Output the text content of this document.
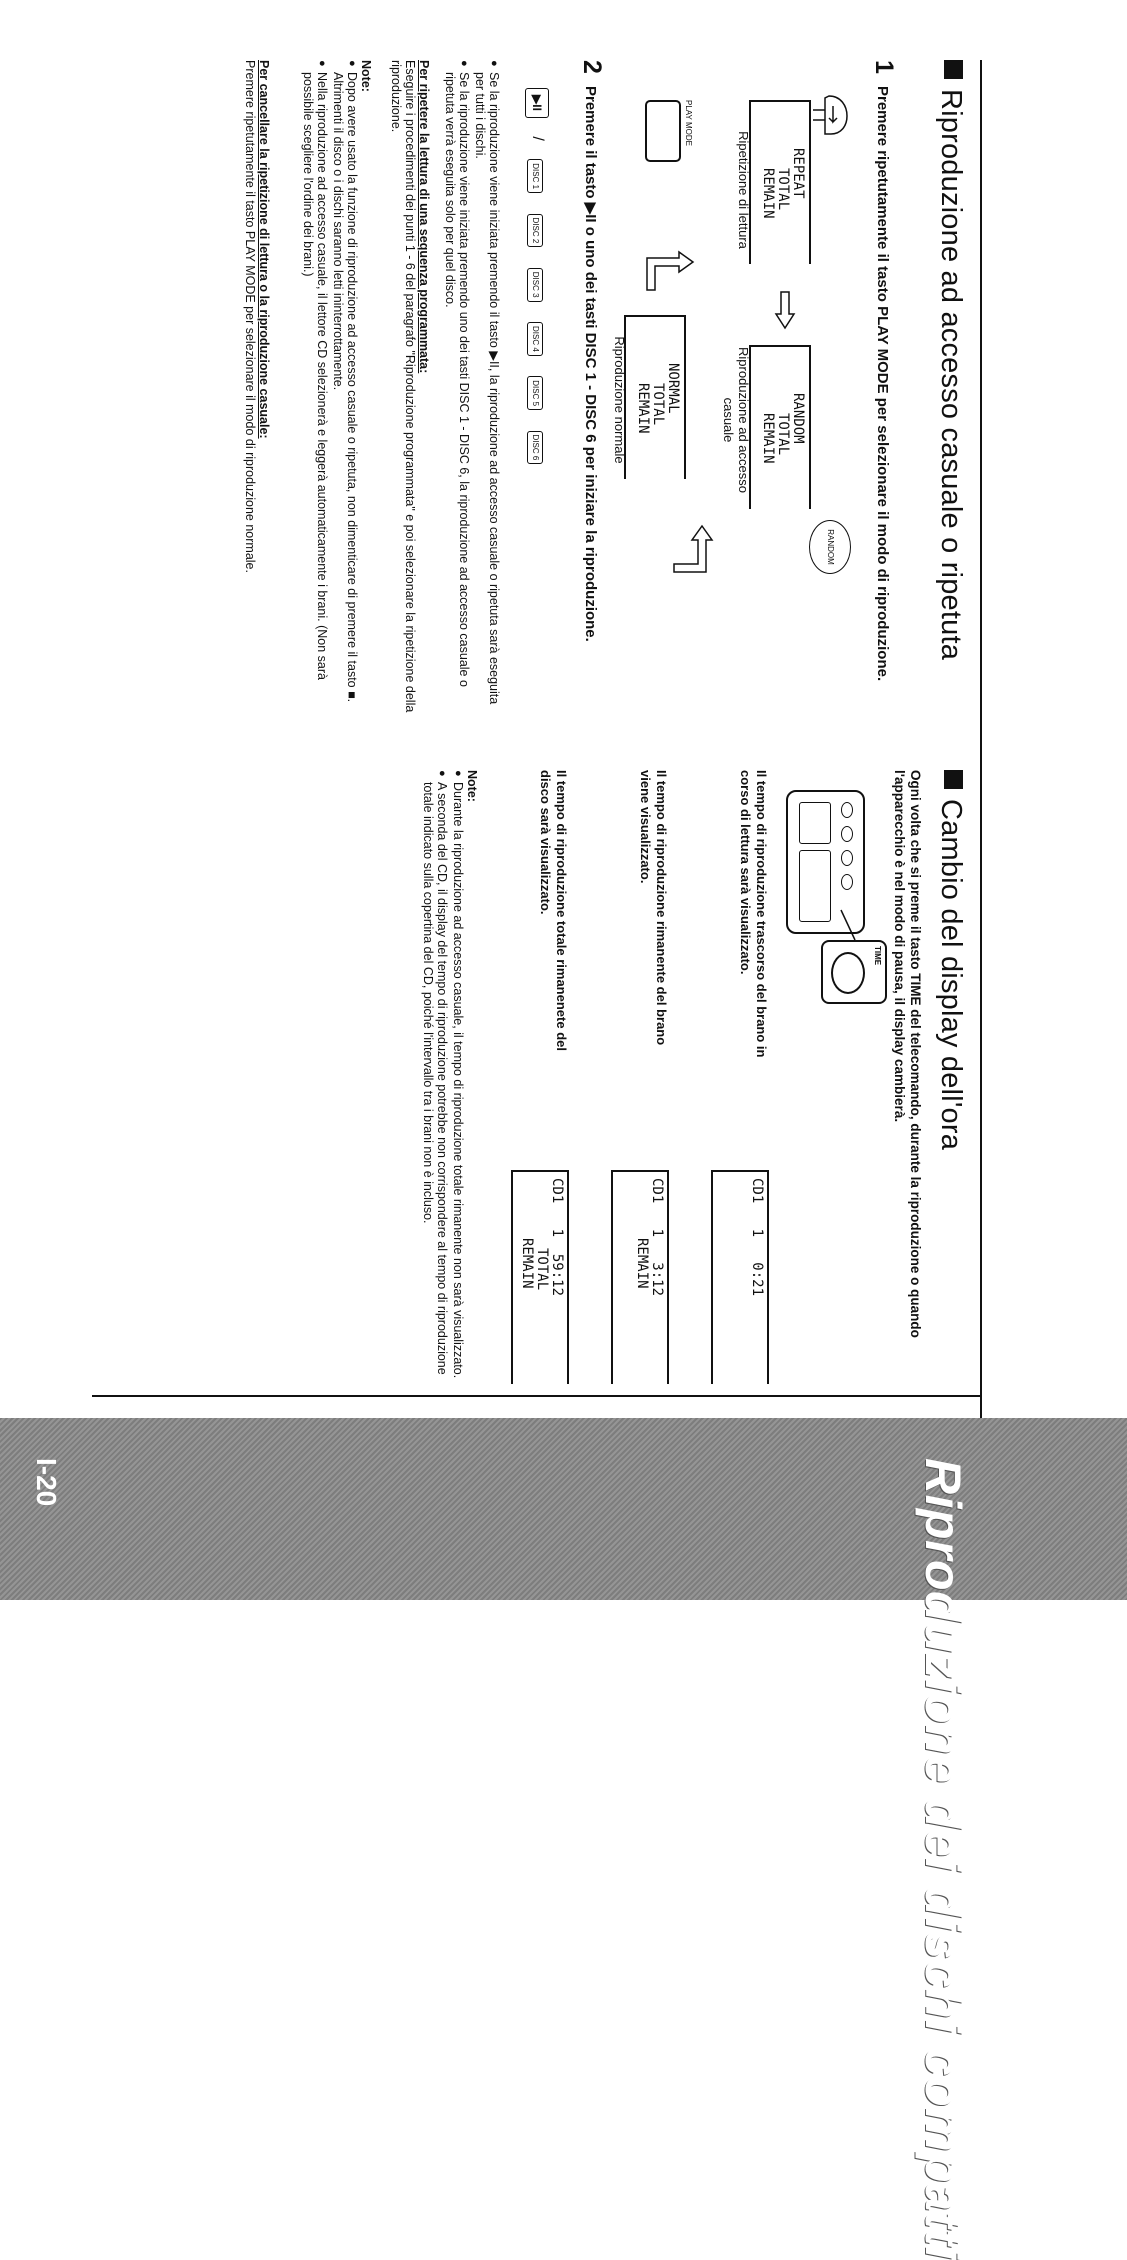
Riproduzione ad accesso casuale o ripetuta
1
Premere ripetutamente il tasto PLAY MODE per selezionare il modo di riproduzione.
REPEAT
TOTAL
REMAIN
Ripetizione di lettura
RANDOM
TOTAL
REMAIN
Riproduzione ad accesso casuale
RANDOM
NORMAL
TOTAL
REMAIN
Riproduzione normale
PLAY MODE
2
Premere il tasto ▶II o uno dei tasti DISC 1 - DISC 6 per iniziare la riproduzione.
▶II / DISC 1 DISC 2 DISC 3 DISC 4 DISC 5 DISC 6
● Se la riproduzione viene iniziata premendo il tasto ▶II, la riproduzione ad accesso casuale o ripetuta sarà eseguita per tutti i dischi.
● Se la riproduzione viene iniziata premendo uno dei tasti DISC 1 - DISC 6, la riproduzione ad accesso casuale o ripetuta verrà eseguita solo per quel disco.
Per ripetere la lettura di una sequenza programmata:
Eseguire i procedimenti dei punti 1 - 6 del paragrafo "Riproduzione programmata" e poi selezionare la ripetizione della riproduzione.
Note:
● Dopo avere usato la funzione di riproduzione ad accesso casuale o ripetuta, non dimenticare di premere il tasto ■. Altrimenti il disco o i dischi saranno letti ininterrottamente.
● Nella riproduzione ad accesso casuale, il lettore CD selezionerà e leggerà automaticamente i brani. (Non sarà possibile scegliere l'ordine dei brani.)
Per cancellare la ripetizione di lettura o la riproduzione casuale:
Premere ripetutamente il tasto PLAY MODE per selezionare il modo di riproduzione normale.
Cambio del display dell'ora
Ogni volta che si preme il tasto TIME del telecomando, durante la riproduzione o quando l'apparecchio è nel modo di pausa, il display cambierà.
TIME
Il tempo di riproduzione trascorso del brano in corso di lettura sarà visualizzato.
CD1   1   0:21
Il tempo di riproduzione rimanente del brano viene visualizzato.
CD1   1   3:12
REMAIN
Il tempo di riproduzione totale rimanenete del disco sarà visualizzato.
CD1   1  59:12
TOTAL
REMAIN
Note:
● Durante la riproduzione ad accesso casuale, il tempo di riproduzione totale rimanente non sarà visualizzato.
● A seconda del CD, il display del tempo di riproduzione potrebbe non corrispondere al tempo di riproduzione totale indicato sulla copertina del CD, poiché l'intervallo tra i brani non è incluso.
Riproduzione dei dischi compatti
I-20
